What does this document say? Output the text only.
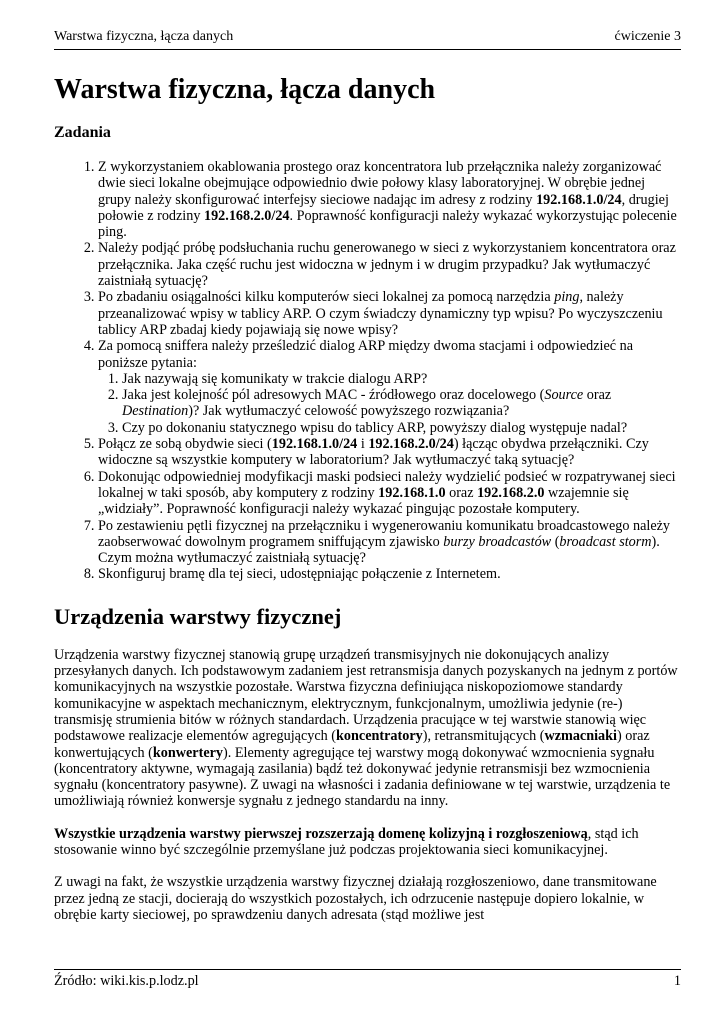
Warstwa fizyczna, łącza danych	ćwiczenie 3
Warstwa fizyczna, łącza danych
Zadania
1. Z wykorzystaniem okablowania prostego oraz koncentratora lub przełącznika należy zorganizować dwie sieci lokalne obejmujące odpowiednio dwie połowy klasy laboratoryjnej. W obrębie jednej grupy należy skonfigurować interfejsy sieciowe nadając im adresy z rodziny 192.168.1.0/24, drugiej połowie z rodziny 192.168.2.0/24. Poprawność konfiguracji należy wykazać wykorzystując polecenie ping.
2. Należy podjąć próbę podsłuchania ruchu generowanego w sieci z wykorzystaniem koncentratora oraz przełącznika. Jaka część ruchu jest widoczna w jednym i w drugim przypadku? Jak wytłumaczyć zaistniałą sytuację?
3. Po zbadaniu osiągalności kilku komputerów sieci lokalnej za pomocą narzędzia ping, należy przeanalizować wpisy w tablicy ARP. O czym świadczy dynamiczny typ wpisu? Po wyczyszczeniu tablicy ARP zbadaj kiedy pojawiają się nowe wpisy?
4. Za pomocą sniffera należy prześledzić dialog ARP między dwoma stacjami i odpowiedzieć na poniższe pytania:
1. Jak nazywają się komunikaty w trakcie dialogu ARP?
2. Jaka jest kolejność pól adresowych MAC - źródłowego oraz docelowego (Source oraz Destination)? Jak wytłumaczyć celowość powyższego rozwiązania?
3. Czy po dokonaniu statycznego wpisu do tablicy ARP, powyższy dialog występuje nadal?
5. Połącz ze sobą obydwie sieci (192.168.1.0/24 i 192.168.2.0/24) łącząc obydwa przełączniki. Czy widoczne są wszystkie komputery w laboratorium? Jak wytłumaczyć taką sytuację?
6. Dokonując odpowiedniej modyfikacji maski podsieci należy wydzielić podsieć w rozpatrywanej sieci lokalnej w taki sposób, aby komputery z rodziny 192.168.1.0 oraz 192.168.2.0 wzajemnie się „widziały”. Poprawność konfiguracji należy wykazać pingując pozostałe komputery.
7. Po zestawieniu pętli fizycznej na przełączniku i wygenerowaniu komunikatu broadcastowego należy zaobserwować dowolnym programem sniffującym zjawisko burzy broadcastów (broadcast storm). Czym można wytłumaczyć zaistniałą sytuację?
8. Skonfiguruj bramę dla tej sieci, udostępniając połączenie z Internetem.
Urządzenia warstwy fizycznej

Urządzenia warstwy fizycznej stanowią grupę urządzeń transmisyjnych nie dokonujących analizy przesyłanych danych. Ich podstawowym zadaniem jest retransmisja danych pozyskanych na jednym z portów komunikacyjnych na wszystkie pozostałe. Warstwa fizyczna definiująca niskopoziomowe standardy komunikacyjne w aspektach mechanicznym, elektrycznym, funkcjonalnym, umożliwia jedynie (re-) transmisję strumienia bitów w różnych standardach. Urządzenia pracujące w tej warstwie stanowią więc podstawowe realizacje elementów agregujących (koncentratory), retransmitujących (wzmacniaki) oraz konwertujących (konwertery). Elementy agregujące tej warstwy mogą dokonywać wzmocnienia sygnału (koncentratory aktywne, wymagają zasilania) bądź też dokonywać jedynie retransmisji bez wzmocnienia sygnału (koncentratory pasywne). Z uwagi na własności i zadania definiowane w tej warstwie, urządzenia te umożliwiają również konwersje sygnału z jednego standardu na inny.

Wszystkie urządzenia warstwy pierwszej rozszerzają domenę kolizyjną i rozgłoszeniową, stąd ich stosowanie winno być szczególnie przemyślane już podczas projektowania sieci komunikacyjnej.

Z uwagi na fakt, że wszystkie urządzenia warstwy fizycznej działają rozgłoszeniowo, dane transmitowane przez jedną ze stacji, docierają do wszystkich pozostałych, ich odrzucenie następuje dopiero lokalnie, w obrębie karty sieciowej, po sprawdzeniu danych adresata (stąd możliwe jest

Źródło: wiki.kis.p.lodz.pl	1
